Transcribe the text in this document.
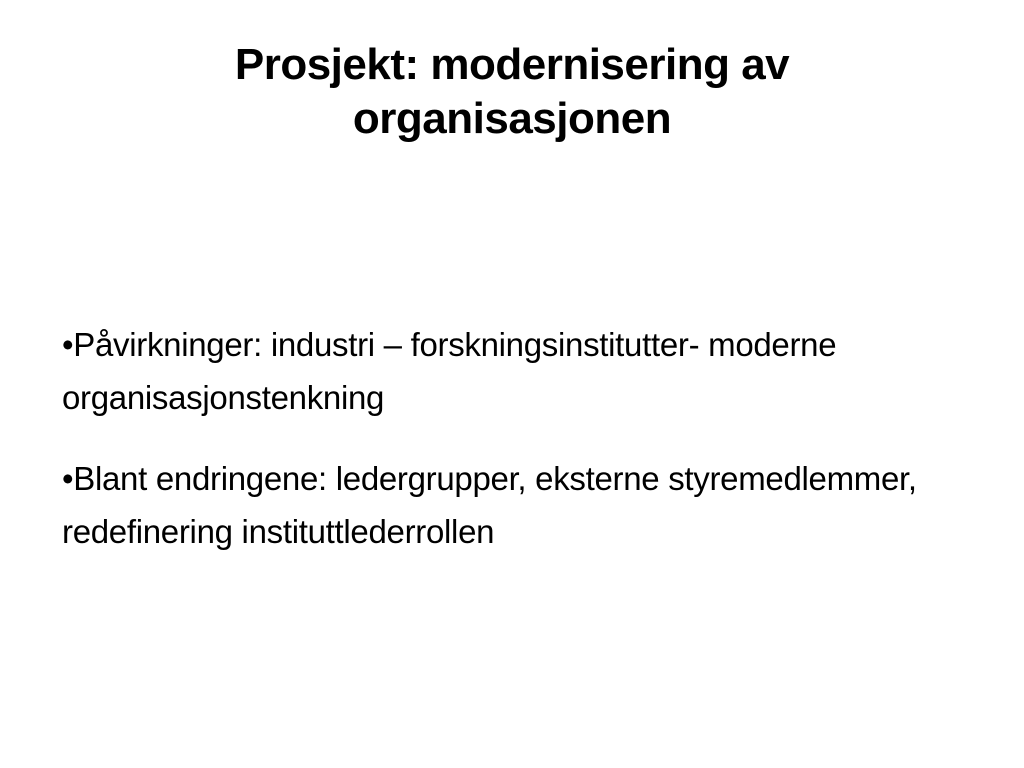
Prosjekt: modernisering av organisasjonen
•Påvirkninger: industri – forskningsinstitutter- moderne organisasjonstenkning
•Blant endringene: ledergrupper, eksterne styremedlemmer, redefinering instituttlederrollen
